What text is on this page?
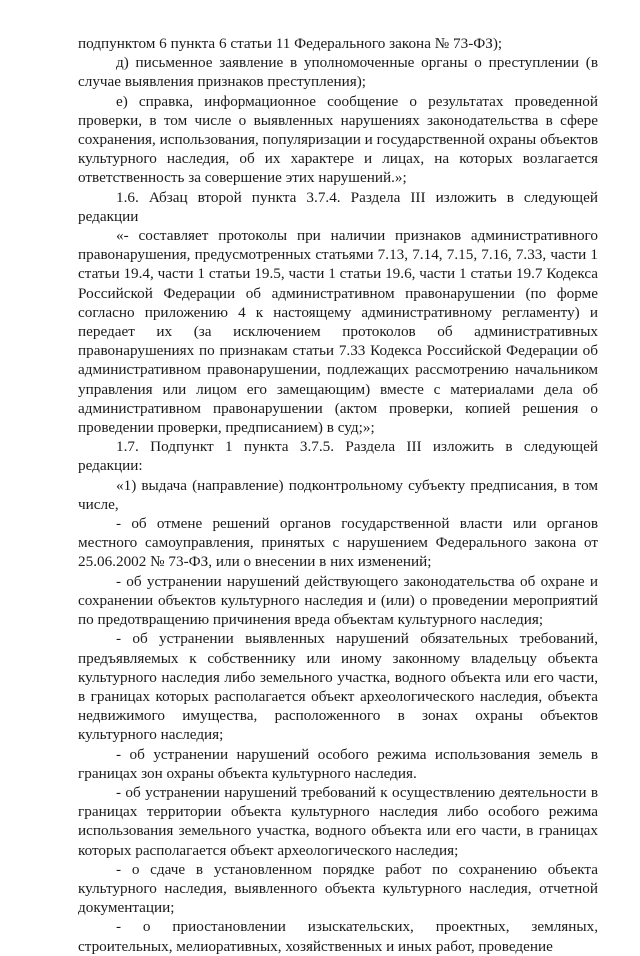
подпунктом 6 пункта 6 статьи 11 Федерального закона № 73-ФЗ);

д) письменное заявление в уполномоченные органы о преступлении (в случае выявления признаков преступления);

е) справка, информационное сообщение о результатах проведенной проверки, в том числе о выявленных нарушениях законодательства в сфере сохранения, использования, популяризации и государственной охраны объектов культурного наследия, об их характере и лицах, на которых возлагается ответственность за совершение этих нарушений.»;

1.6. Абзац второй пункта 3.7.4. Раздела III изложить в следующей редакции

«- составляет протоколы при наличии признаков административного правонарушения, предусмотренных статьями 7.13, 7.14, 7.15, 7.16, 7.33, части 1 статьи 19.4, части 1 статьи 19.5, части 1 статьи 19.6, части 1 статьи 19.7 Кодекса Российской Федерации об административном правонарушении (по форме согласно приложению 4 к настоящему административному регламенту) и передает их (за исключением протоколов об административных правонарушениях по признакам статьи 7.33 Кодекса Российской Федерации об административном правонарушении, подлежащих рассмотрению начальником управления или лицом его замещающим) вместе с материалами дела об административном правонарушении (актом проверки, копией решения о проведении проверки, предписанием) в суд;»;

1.7. Подпункт 1 пункта 3.7.5. Раздела III изложить в следующей редакции:

«1) выдача (направление) подконтрольному субъекту предписания, в том числе,

- об отмене решений органов государственной власти или органов местного самоуправления, принятых с нарушением Федерального закона от 25.06.2002 № 73-ФЗ, или о внесении в них изменений;

- об устранении нарушений действующего законодательства об охране и сохранении объектов культурного наследия и (или) о проведении мероприятий по предотвращению причинения вреда объектам культурного наследия;

- об устранении выявленных нарушений обязательных требований, предъявляемых к собственнику или иному законному владельцу объекта культурного наследия либо земельного участка, водного объекта или его части, в границах которых располагается объект археологического наследия, объекта недвижимого имущества, расположенного в зонах охраны объектов культурного наследия;

- об устранении нарушений особого режима использования земель в границах зон охраны объекта культурного наследия.

- об устранении нарушений требований к осуществлению деятельности в границах территории объекта культурного наследия либо особого режима использования земельного участка, водного объекта или его части, в границах которых располагается объект археологического наследия;

- о сдаче в установленном порядке работ по сохранению объекта культурного наследия, выявленного объекта культурного наследия, отчетной документации;

- о приостановлении изыскательских, проектных, земляных, строительных, мелиоративных, хозяйственных и иных работ, проведение
